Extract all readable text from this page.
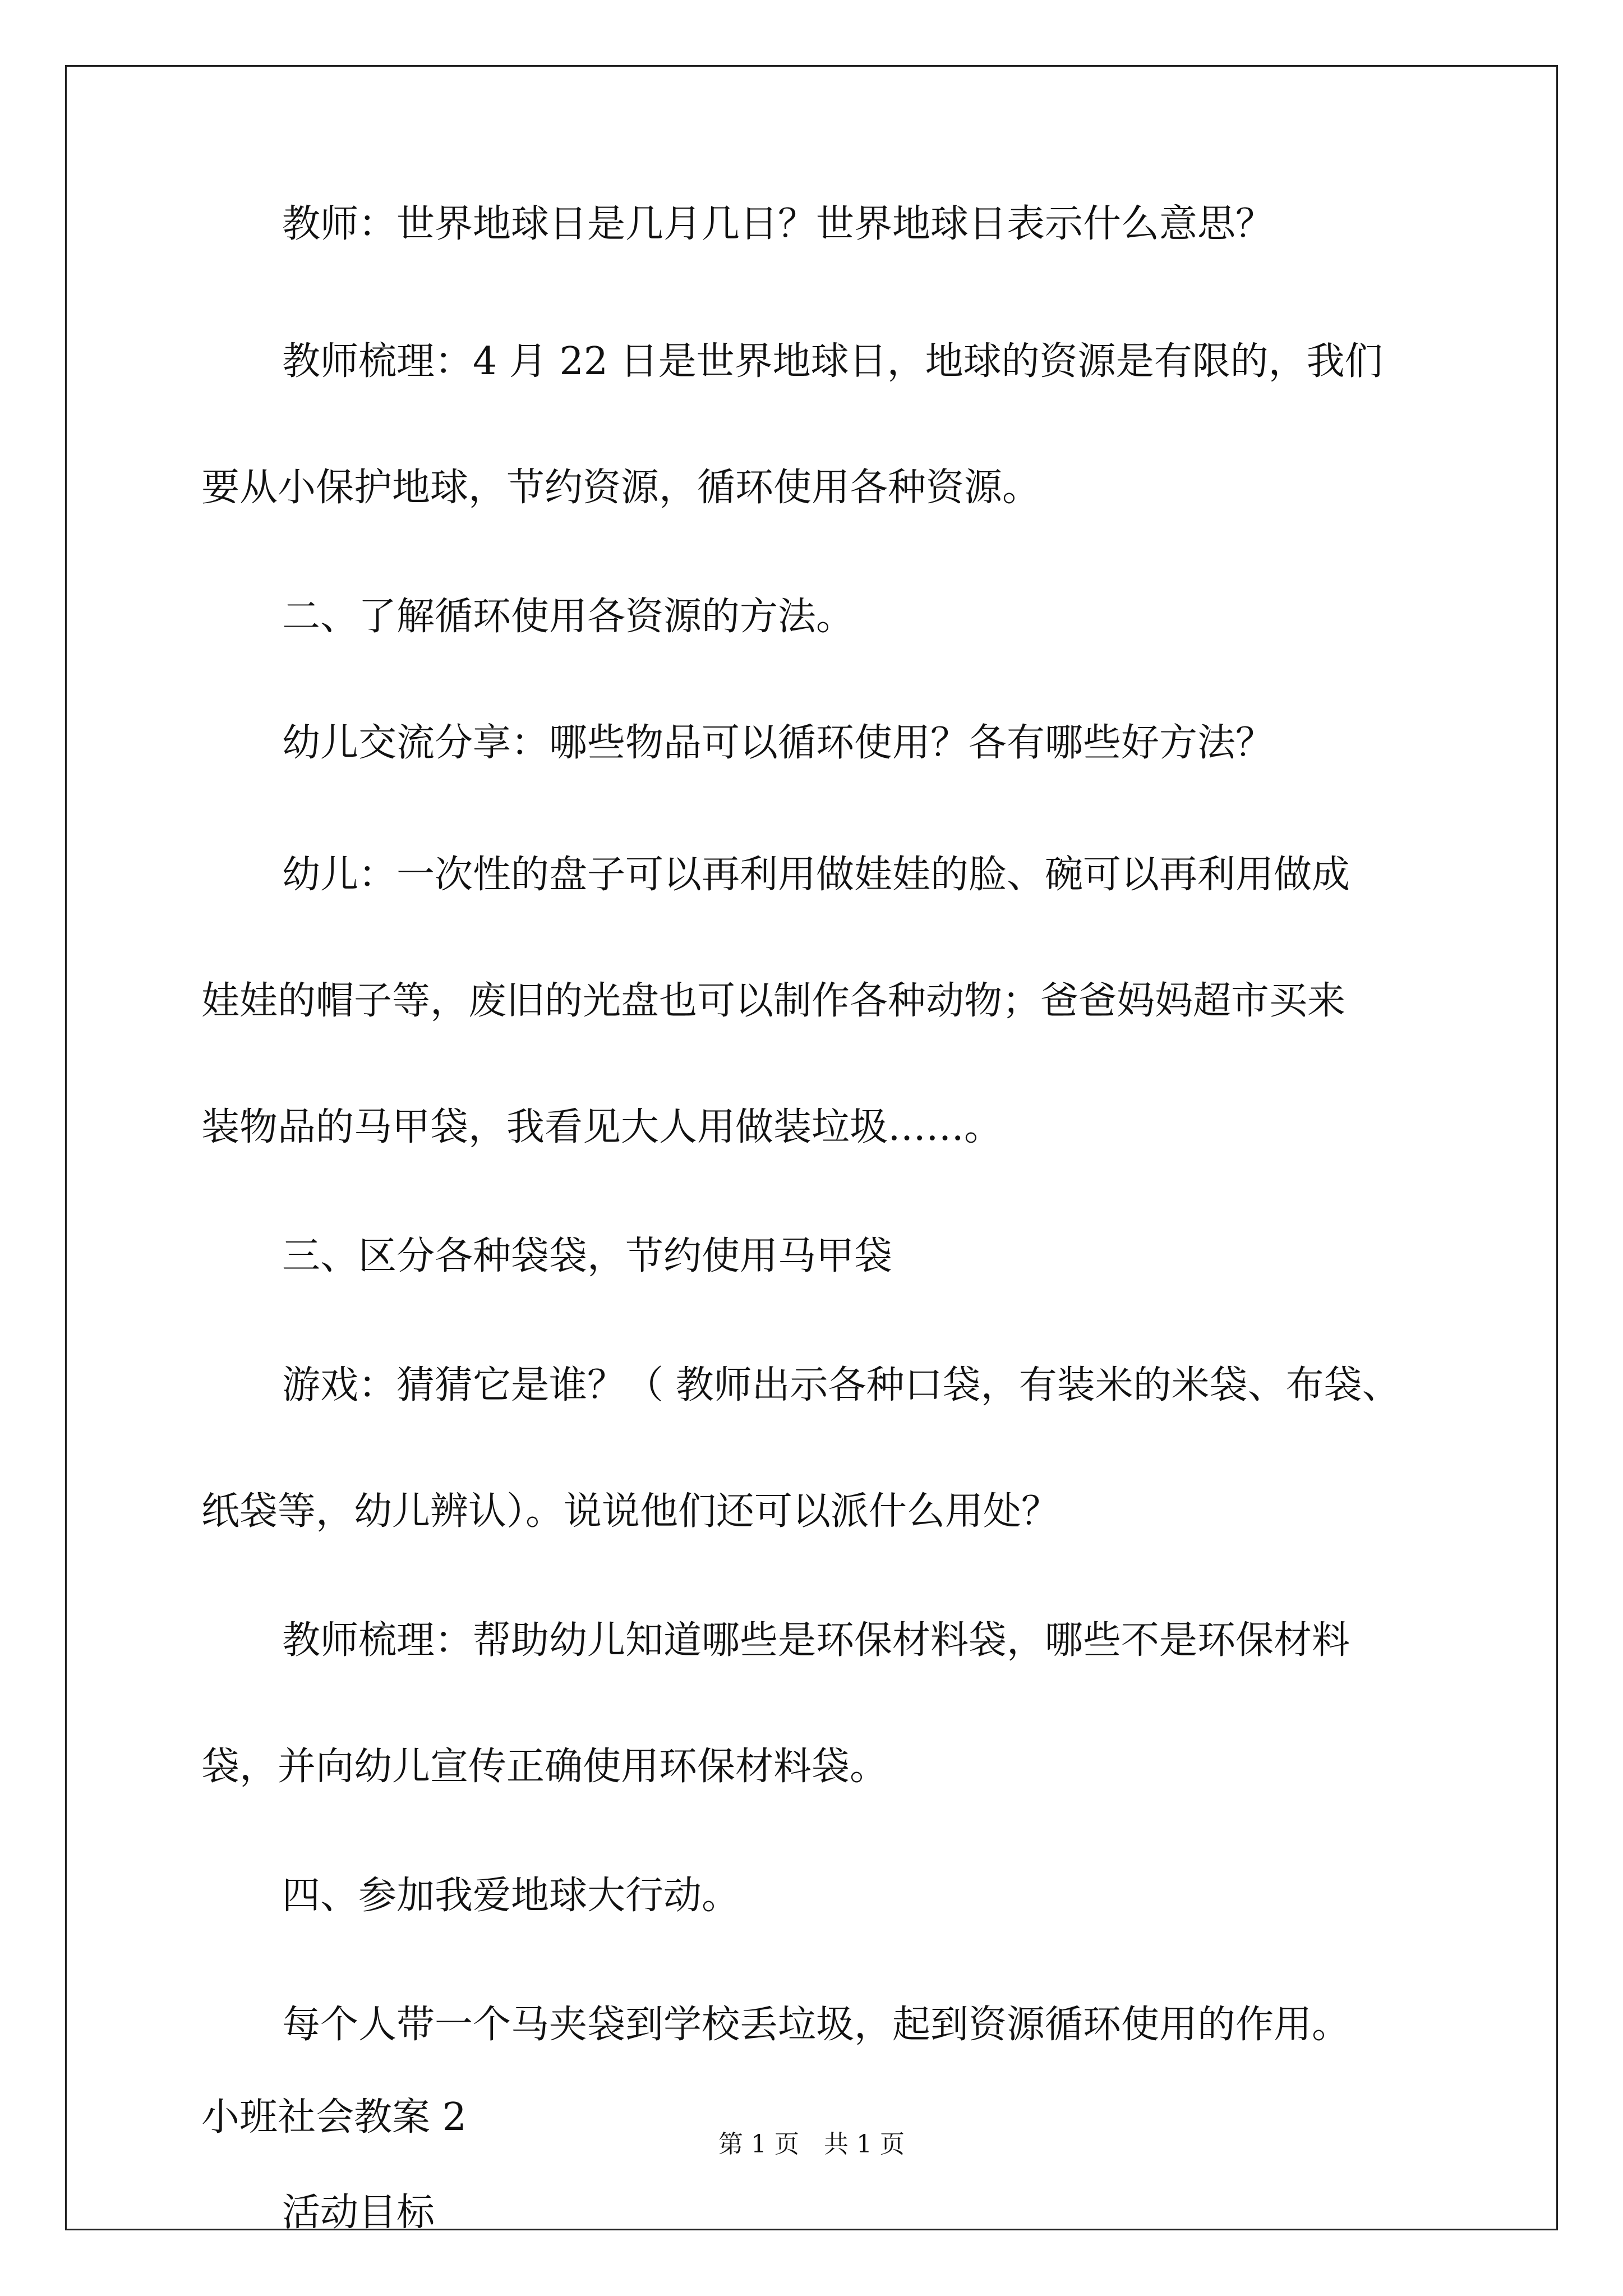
教师：世界地球日是几月几日？世界地球日表示什么意思？

教师梳理：4 月 22 日是世界地球日，地球的资源是有限的，我们

要从小保护地球，节约资源，循环使用各种资源。

二、了解循环使用各资源的方法。

幼儿交流分享：哪些物品可以循环使用？各有哪些好方法？

幼儿：一次性的盘子可以再利用做娃娃的脸、碗可以再利用做成

娃娃的帽子等，废旧的光盘也可以制作各种动物；爸爸妈妈超市买来

装物品的马甲袋，我看见大人用做装垃圾……。

三、区分各种袋袋，节约使用马甲袋

游戏：猜猜它是谁？（ 教师出示各种口袋，有装米的米袋、布袋、

纸袋等，幼儿辨认）。说说他们还可以派什么用处？

教师梳理：帮助幼儿知道哪些是环保材料袋，哪些不是环保材料

袋，并向幼儿宣传正确使用环保材料袋。

四、参加我爱地球大行动。

每个人带一个马夹袋到学校丢垃圾，起到资源循环使用的作用。

小班社会教案 2

活动目标

第 1 页　共 1 页
